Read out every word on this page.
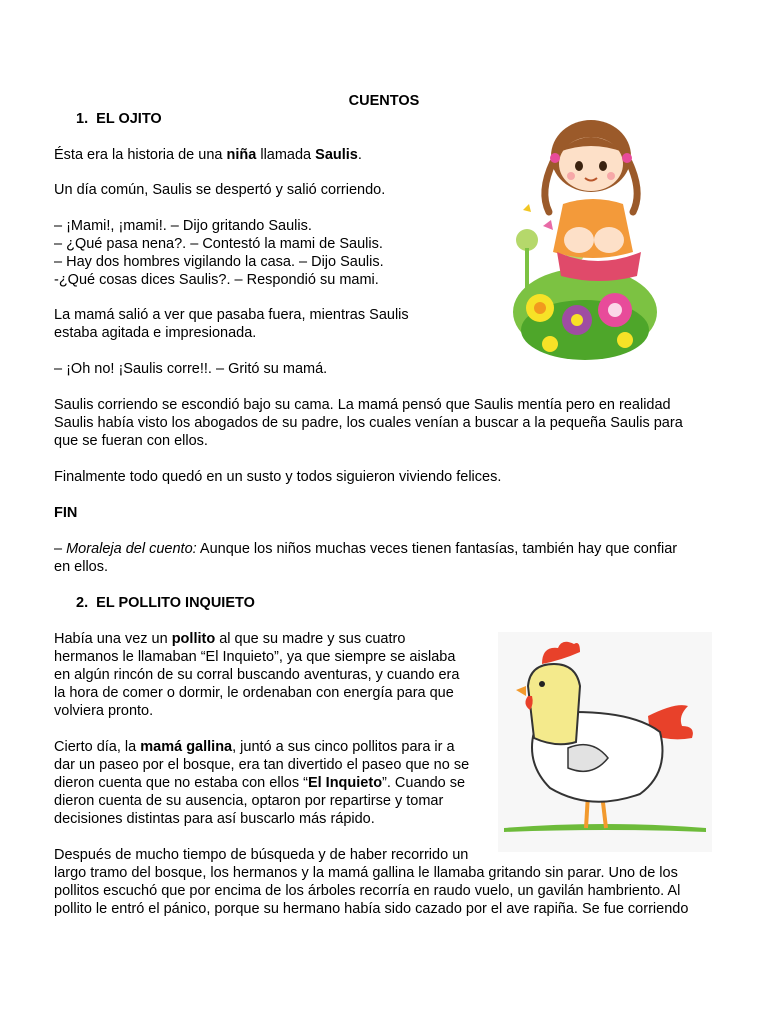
CUENTOS

1.  EL OJITO

Ésta era la historia de una niña llamada Saulis.

Un día común, Saulis se despertó y salió corriendo.

– ¡Mami!, ¡mami!. – Dijo gritando Saulis.

– ¿Qué pasa nena?. – Contestó la mami de Saulis.

– Hay dos hombres vigilando la casa. – Dijo Saulis.

-¿Qué cosas dices Saulis?. – Respondió su mami.

La mamá salió a ver que pasaba fuera, mientras Saulis

estaba agitada e impresionada.

– ¡Oh no! ¡Saulis corre!!. – Gritó su mamá.

Saulis corriendo se escondió bajo su cama. La mamá pensó que Saulis mentía pero en realidad

Saulis había visto los abogados de su padre, los cuales venían a buscar a la pequeña Saulis para

que se fueran con ellos.

Finalmente todo quedó en un susto y todos siguieron viviendo felices.

FIN

– Moraleja del cuento: Aunque los niños muchas veces tienen fantasías, también hay que confiar

en ellos.

2.  EL POLLITO INQUIETO

Había una vez un pollito al que su madre y sus cuatro

hermanos le llamaban “El Inquieto”, ya que siempre se aislaba

en algún rincón de su corral buscando aventuras, y cuando era

la hora de comer o dormir, le ordenaban con energía para que

volviera pronto.

Cierto día, la mamá gallina, juntó a sus cinco pollitos para ir a

dar un paseo por el bosque, era tan divertido el paseo que no se

dieron cuenta que no estaba con ellos “El Inquieto”. Cuando se

dieron cuenta de su ausencia, optaron por repartirse y tomar

decisiones distintas para así buscarlo más rápido.

Después de mucho tiempo de búsqueda y de haber recorrido un

largo tramo del bosque, los hermanos y la mamá gallina le llamaba gritando sin parar. Uno de los

pollitos escuchó que por encima de los árboles recorría en raudo vuelo, un gavilán hambriento. Al

pollito le entró el pánico, porque su hermano había sido cazado por el ave rapiña. Se fue corriendo
